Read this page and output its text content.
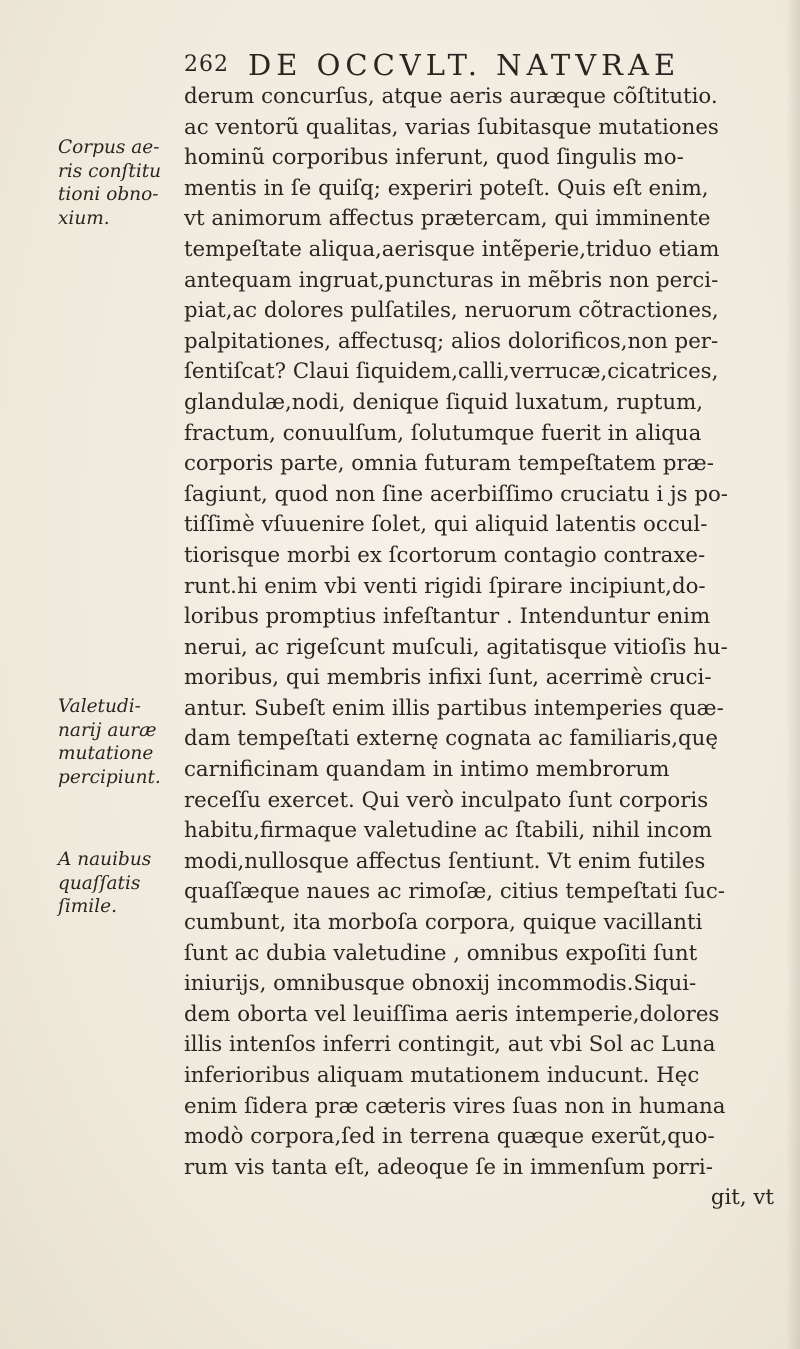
262 DE OCCVLT. NATVRAE
derum concurſus, atque aeris auræque cõſtitutio.
ac ventorũ qualitas, varias ſubitasque mutationes
hominũ corporibus inferunt, quod ſingulis mo-
mentis in ſe quiſq; experiri poteſt. Quis eſt enim,
vt animorum affectus prætercam, qui imminente
tempeſtate aliqua,aerisque intẽperie,triduo etiam
antequam ingruat,puncturas in mẽbris non perci-
piat,ac dolores pulſatiles, neruorum cõtractiones,
palpitationes, affectusq; alios dolorificos,non per-
ſentiſcat? Claui ſiquidem,calli,verrucæ,cicatrices,
glandulæ,nodi, denique ſiquid luxatum, ruptum,
fractum, conuulſum, ſolutumque fuerit in aliqua
corporis parte, omnia futuram tempeſtatem præ-
ſagiunt, quod non ſine acerbiſſimo cruciatu i js po-
tiſſimè vſuuenire ſolet, qui aliquid latentis occul-
tiorisque morbi ex ſcortorum contagio contraxe-
runt.hi enim vbi venti rigidi ſpirare incipiunt,do-
loribus promptius infeſtantur . Intenduntur enim
nerui, ac rigeſcunt muſculi, agitatisque vitioſis hu-
moribus, qui membris infixi ſunt, acerrimè cruci-
antur. Subeſt enim illis partibus intemperies quæ-
dam tempeſtati externę cognata ac familiaris,quę
carnificinam quandam in intimo membrorum
receſſu exercet. Qui verò inculpato ſunt corporis
habitu,firmaque valetudine ac ſtabili, nihil incom
modi,nullosque affectus ſentiunt. Vt enim futiles
quaſſæque naues ac rimoſæ, citius tempeſtati ſuc-
cumbunt, ita morboſa corpora, quique vacillanti
ſunt ac dubia valetudine , omnibus expoſiti ſunt
iniurijs, omnibusque obnoxij incommodis.Siqui-
dem oborta vel leuiſſima aeris intemperie,dolores
illis intenſos inferri contingit, aut vbi Sol ac Luna
inferioribus aliquam mutationem inducunt. Hęc
enim ſidera præ cæteris vires ſuas non in humana
modò corpora,ſed in terrena quæque exerũt,quo-
rum vis tanta eſt, adeoque ſe in immenſum porri-
git, vt
Corpus ae-
ris conſtitu
tioni obno-
xium.
Valetudi-
narij auræ
mutatione
percipiunt.
A nauibus
quaſſatis
ſimile.
